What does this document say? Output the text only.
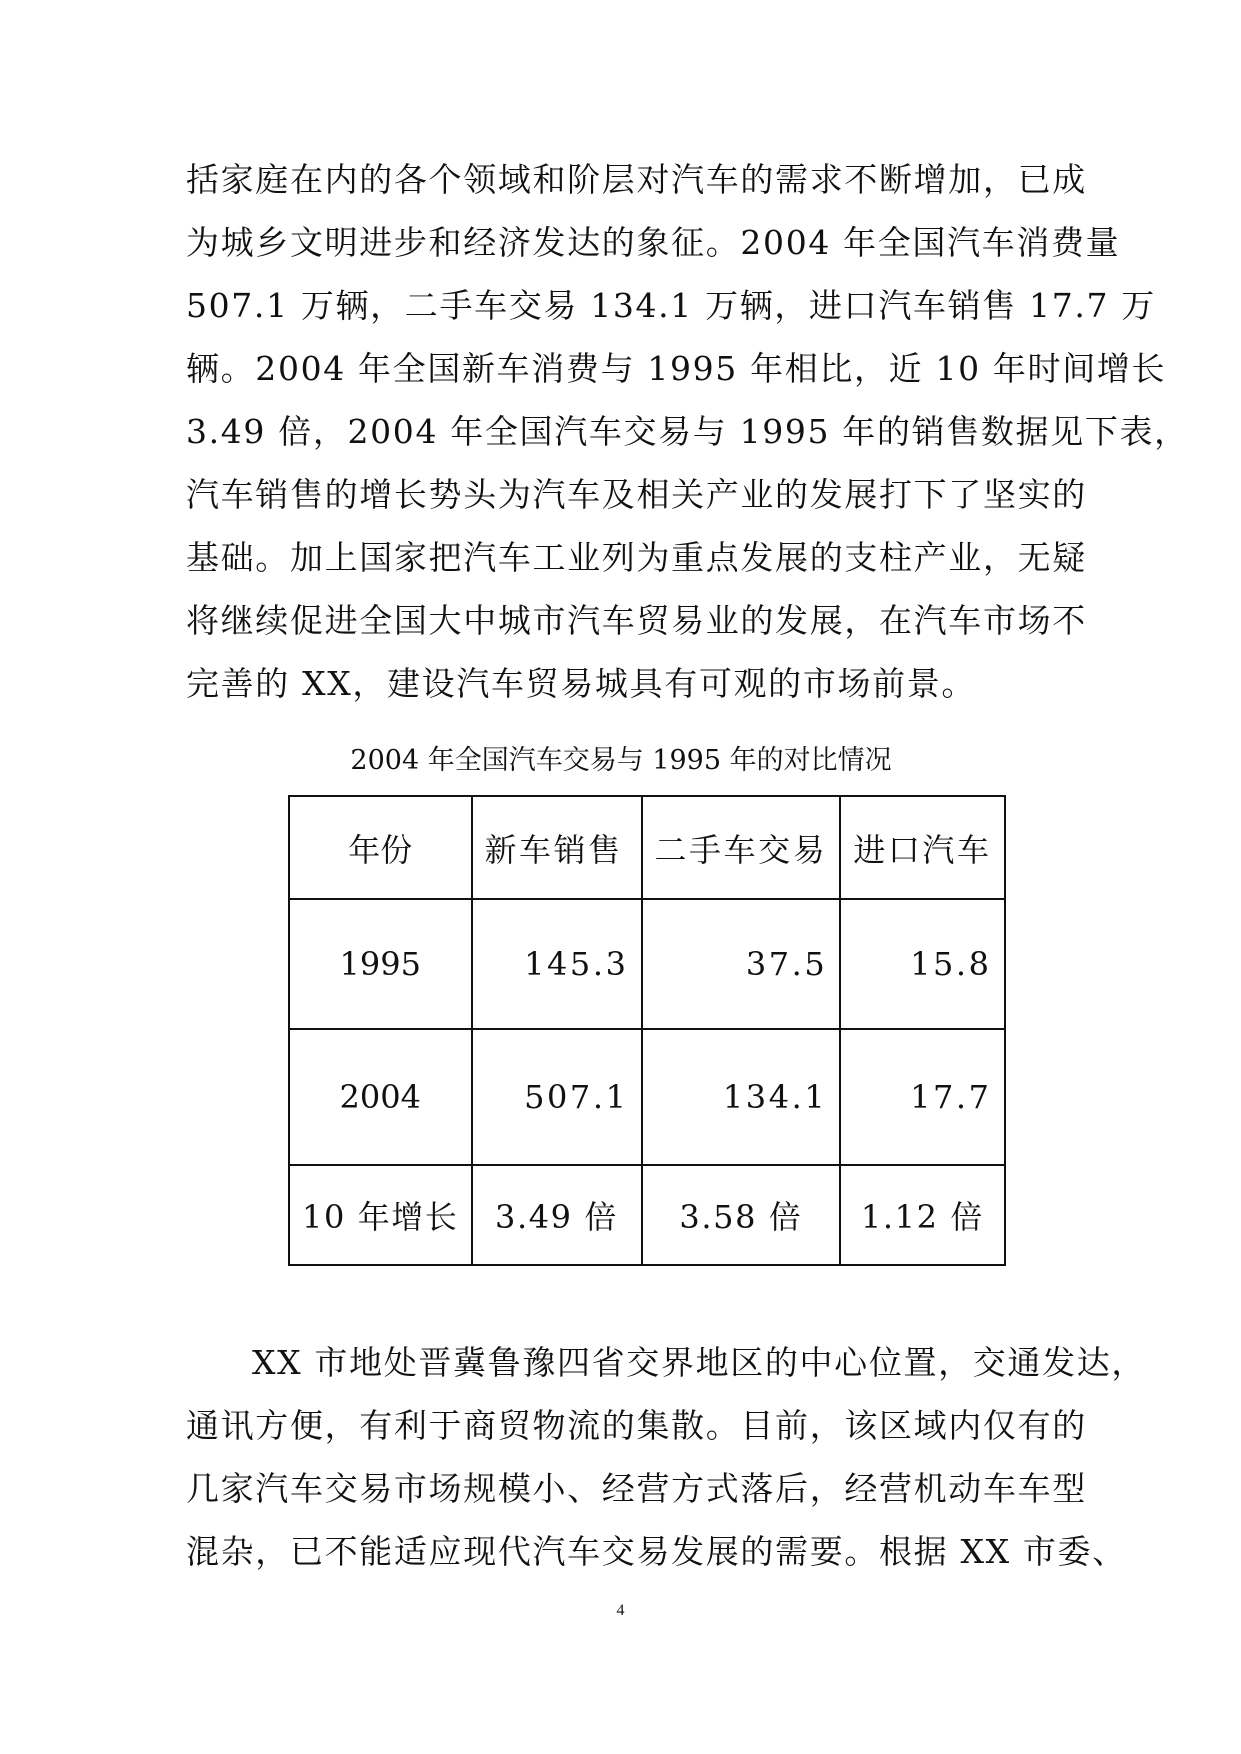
括家庭在内的各个领域和阶层对汽车的需求不断增加，已成
为城乡文明进步和经济发达的象征。2004 年全国汽车消费量
507.1 万辆，二手车交易 134.1 万辆，进口汽车销售 17.7 万
辆。2004 年全国新车消费与 1995 年相比，近 10 年时间增长
3.49 倍，2004 年全国汽车交易与 1995 年的销售数据见下表，
汽车销售的增长势头为汽车及相关产业的发展打下了坚实的
基础。加上国家把汽车工业列为重点发展的支柱产业，无疑
将继续促进全国大中城市汽车贸易业的发展，在汽车市场不
完善的 XX，建设汽车贸易城具有可观的市场前景。
2004 年全国汽车交易与 1995 年的对比情况
年份	新车销售	二手车交易	进口汽车
1995	145.3	37.5	15.8
2004	507.1	134.1	17.7
10 年增长	3.49 倍	3.58 倍	1.12 倍
XX 市地处晋冀鲁豫四省交界地区的中心位置，交通发达，
通讯方便，有利于商贸物流的集散。目前，该区域内仅有的
几家汽车交易市场规模小、经营方式落后，经营机动车车型
混杂，已不能适应现代汽车交易发展的需要。根据 XX 市委、
4
